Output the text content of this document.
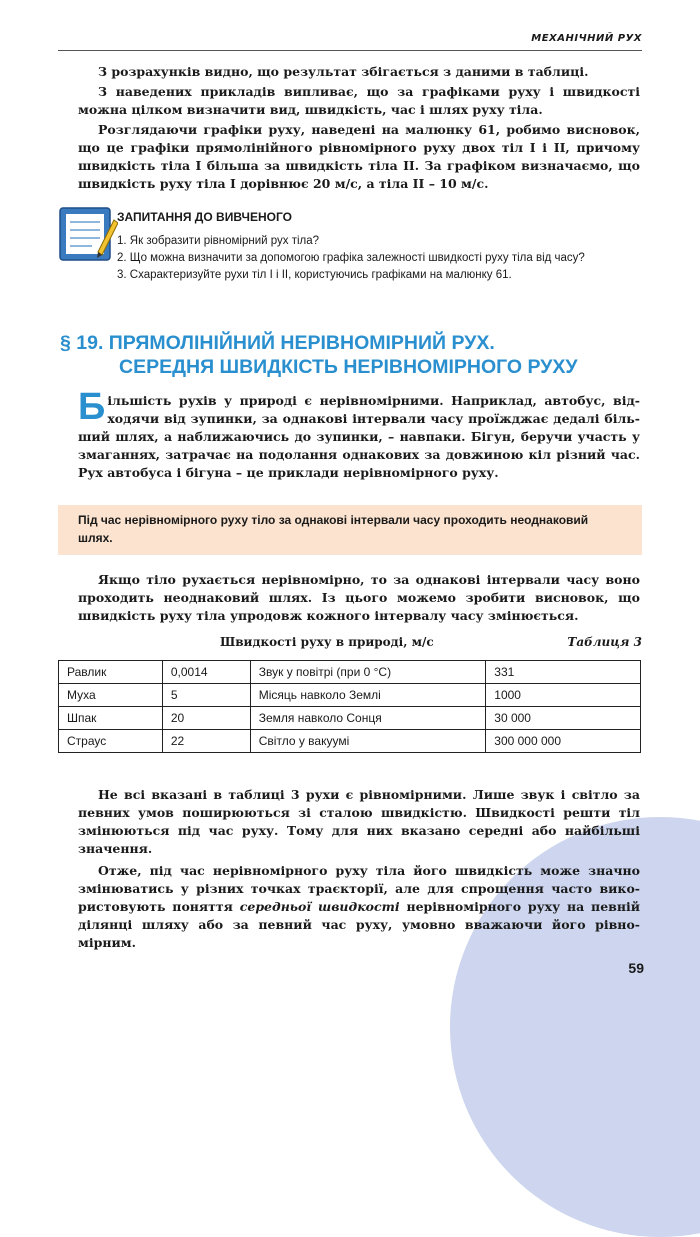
МЕХАНІЧНИЙ РУХ

З розрахунків видно, що результат збігається з даними в таблиці.

З наведених прикладів випливає, що за графіками руху і швидкості можна цілком визначити вид, швидкість, час і шлях руху тіла.

Розглядаючи графіки руху, наведені на малюнку 61, робимо висновок, що це графіки прямолінійного рівномірного руху двох тіл І і ІІ, причому швидкість тіла І більша за швидкість тіла ІІ. За графіком визначаємо, що швидкість руху тіла І дорівнює 20 м/с, а тіла ІІ – 10 м/с.

ЗАПИТАННЯ ДО ВИВЧЕНОГО
1. Як зобразити рівномірний рух тіла?
2. Що можна визначити за допомогою графіка залежності швидкості руху тіла від часу?
3. Схарактеризуйте рухи тіл І і ІІ, користуючись графіками на малюнку 61.
§ 19. ПРЯМОЛІНІЙНИЙ НЕРІВНОМІРНИЙ РУХ.
СЕРЕДНЯ ШВИДКІСТЬ НЕРІВНОМІРНОГО РУХУ

Більшість рухів у природі є нерівномірними. Наприклад, автобус, відходячи від зупинки, за однакові інтервали часу проїжджає дедалі більший шлях, а наближаючись до зупинки, – навпаки. Бігун, беручи участь у змаганнях, затрачає на подолання однакових за довжиною кіл різний час. Рух автобуса і бігуна – це приклади нерівномірного руху.

Під час нерівномірного руху тіло за однакові інтервали часу проходить неоднаковий шлях.

Якщо тіло рухається нерівномірно, то за однакові інтервали часу воно проходить неоднаковий шлях. Із цього можемо зробити висновок, що швидкість руху тіла упродовж кожного інтервалу часу змінюється.

Швидкості руху в природі, м/с	Таблиця 3
Равлик	0,0014	Звук у повітрі (при 0 °С)	331
Муха	5	Місяць навколо Землі	1000
Шпак	20	Земля навколо Сонця	30 000
Страус	22	Світло у вакуумі	300 000 000

Не всі вказані в таблиці 3 рухи є рівномірними. Лише звук і світло за певних умов поширюються зі сталою швидкістю. Швидкості решти тіл змінюються під час руху. Тому для них вказано середні або найбільші значення.

Отже, під час нерівномірного руху тіла його швидкість може значно змінюватись у різних точках траєкторії, але для спрощення часто використовують поняття середньої швидкості нерівномірного руху на певній ділянці шляху або за певний час руху, умовно вважаючи його рівномірним.

59
